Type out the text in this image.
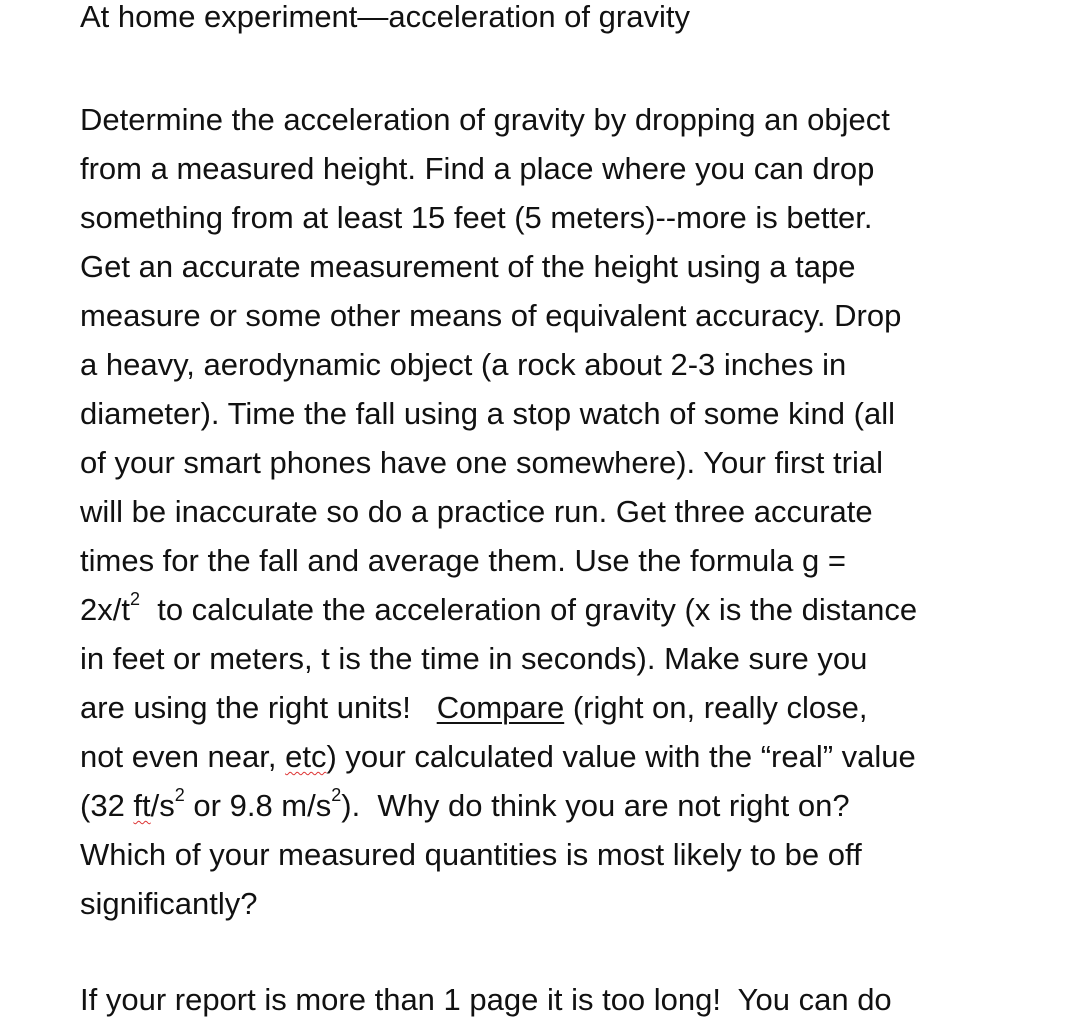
At home experiment—acceleration of gravity
Determine the acceleration of gravity by dropping an object
from a measured height. Find a place where you can drop
something from at least 15 feet (5 meters)--more is better.
Get an accurate measurement of the height using a tape
measure or some other means of equivalent accuracy. Drop
a heavy, aerodynamic object (a rock about 2-3 inches in
diameter). Time the fall using a stop watch of some kind (all
of your smart phones have one somewhere). Your first trial
will be inaccurate so do a practice run. Get three accurate
times for the fall and average them. Use the formula g =
$2x/t^2$  to calculate the acceleration of gravity (x is the distance
in feet or meters, t is the time in seconds). Make sure you
are using the right units!   Compare (right on, really close,
not even near, etc) your calculated value with the “real” value
(32 $ft/s^2$ or 9.8 $m/s^2$).  Why do think you are not right on?
Which of your measured quantities is most likely to be off
significantly?
If your report is more than 1 page it is too long!  You can do
